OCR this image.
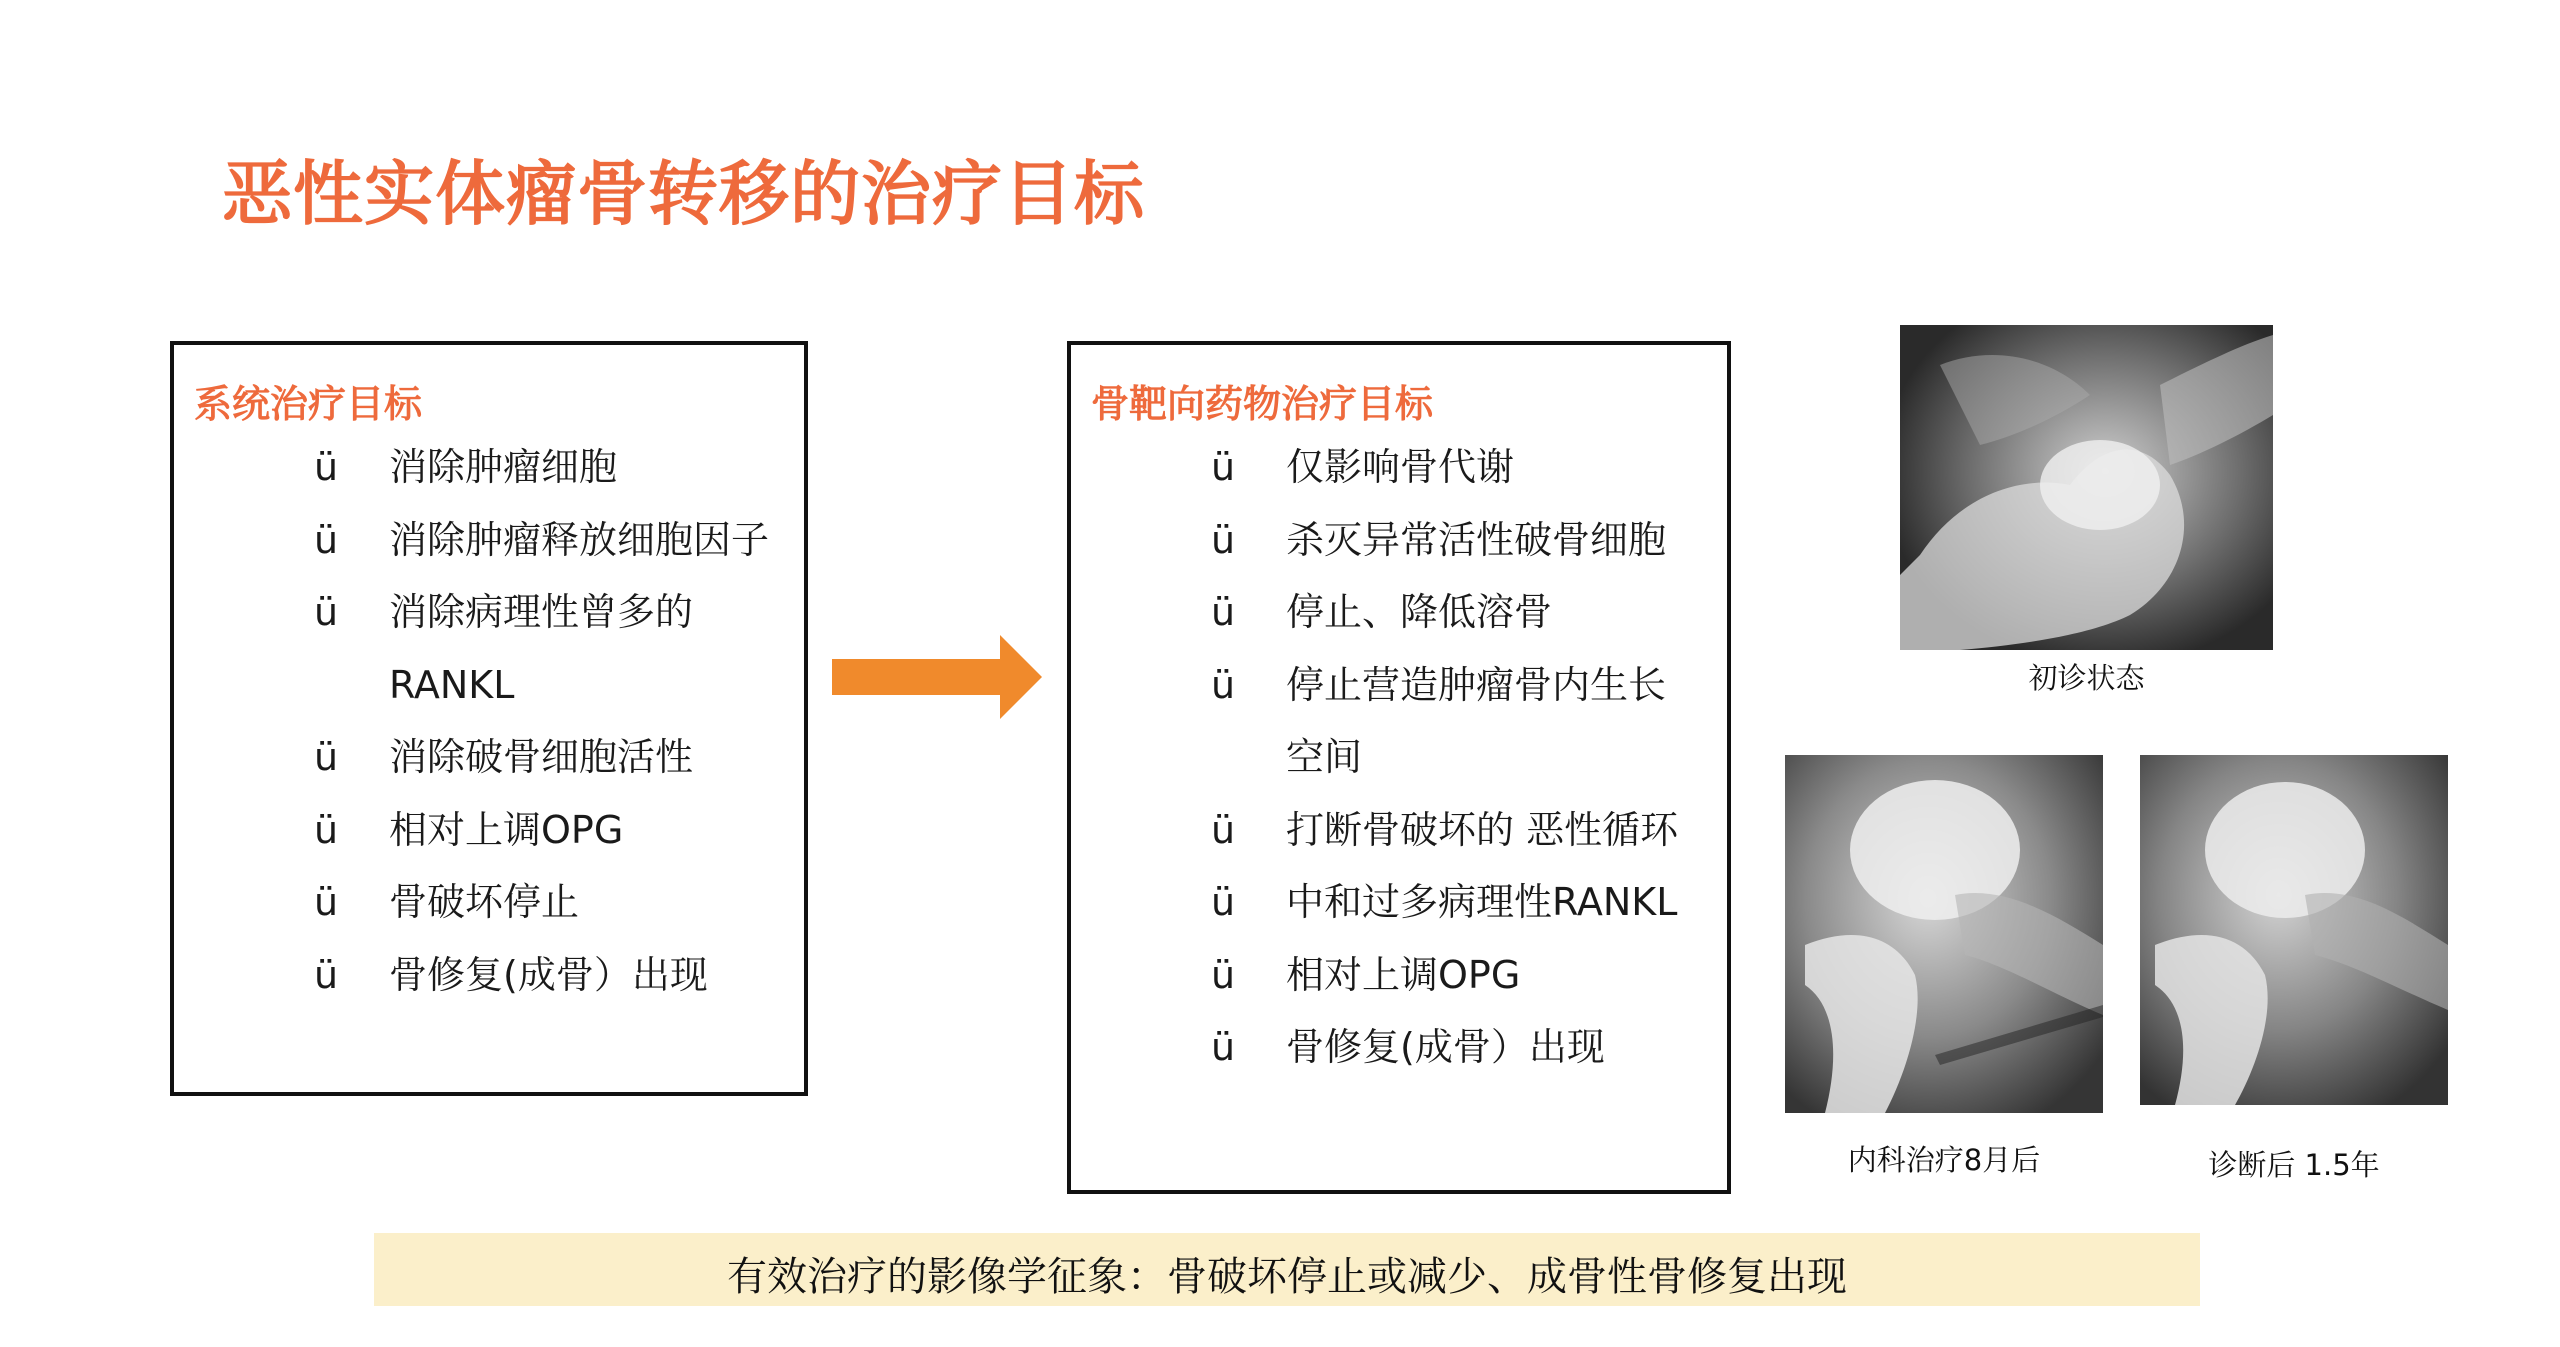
恶性实体瘤骨转移的治疗目标
系统治疗目标
ü 消除肿瘤细胞
ü 消除肿瘤释放细胞因子
ü 消除病理性曾多的
RANKL
ü 消除破骨细胞活性
ü 相对上调OPG
ü 骨破坏停止
ü 骨修复(成骨）出现
骨靶向药物治疗目标
ü 仅影响骨代谢
ü 杀灭异常活性破骨细胞
ü 停止、降低溶骨
ü 停止营造肿瘤骨内生长
空间
ü 打断骨破坏的 恶性循环
ü 中和过多病理性RANKL
ü 相对上调OPG
ü 骨修复(成骨）出现
初诊状态
内科治疗8月后	诊断后 1.5年
有效治疗的影像学征象：骨破坏停止或减少、成骨性骨修复出现
